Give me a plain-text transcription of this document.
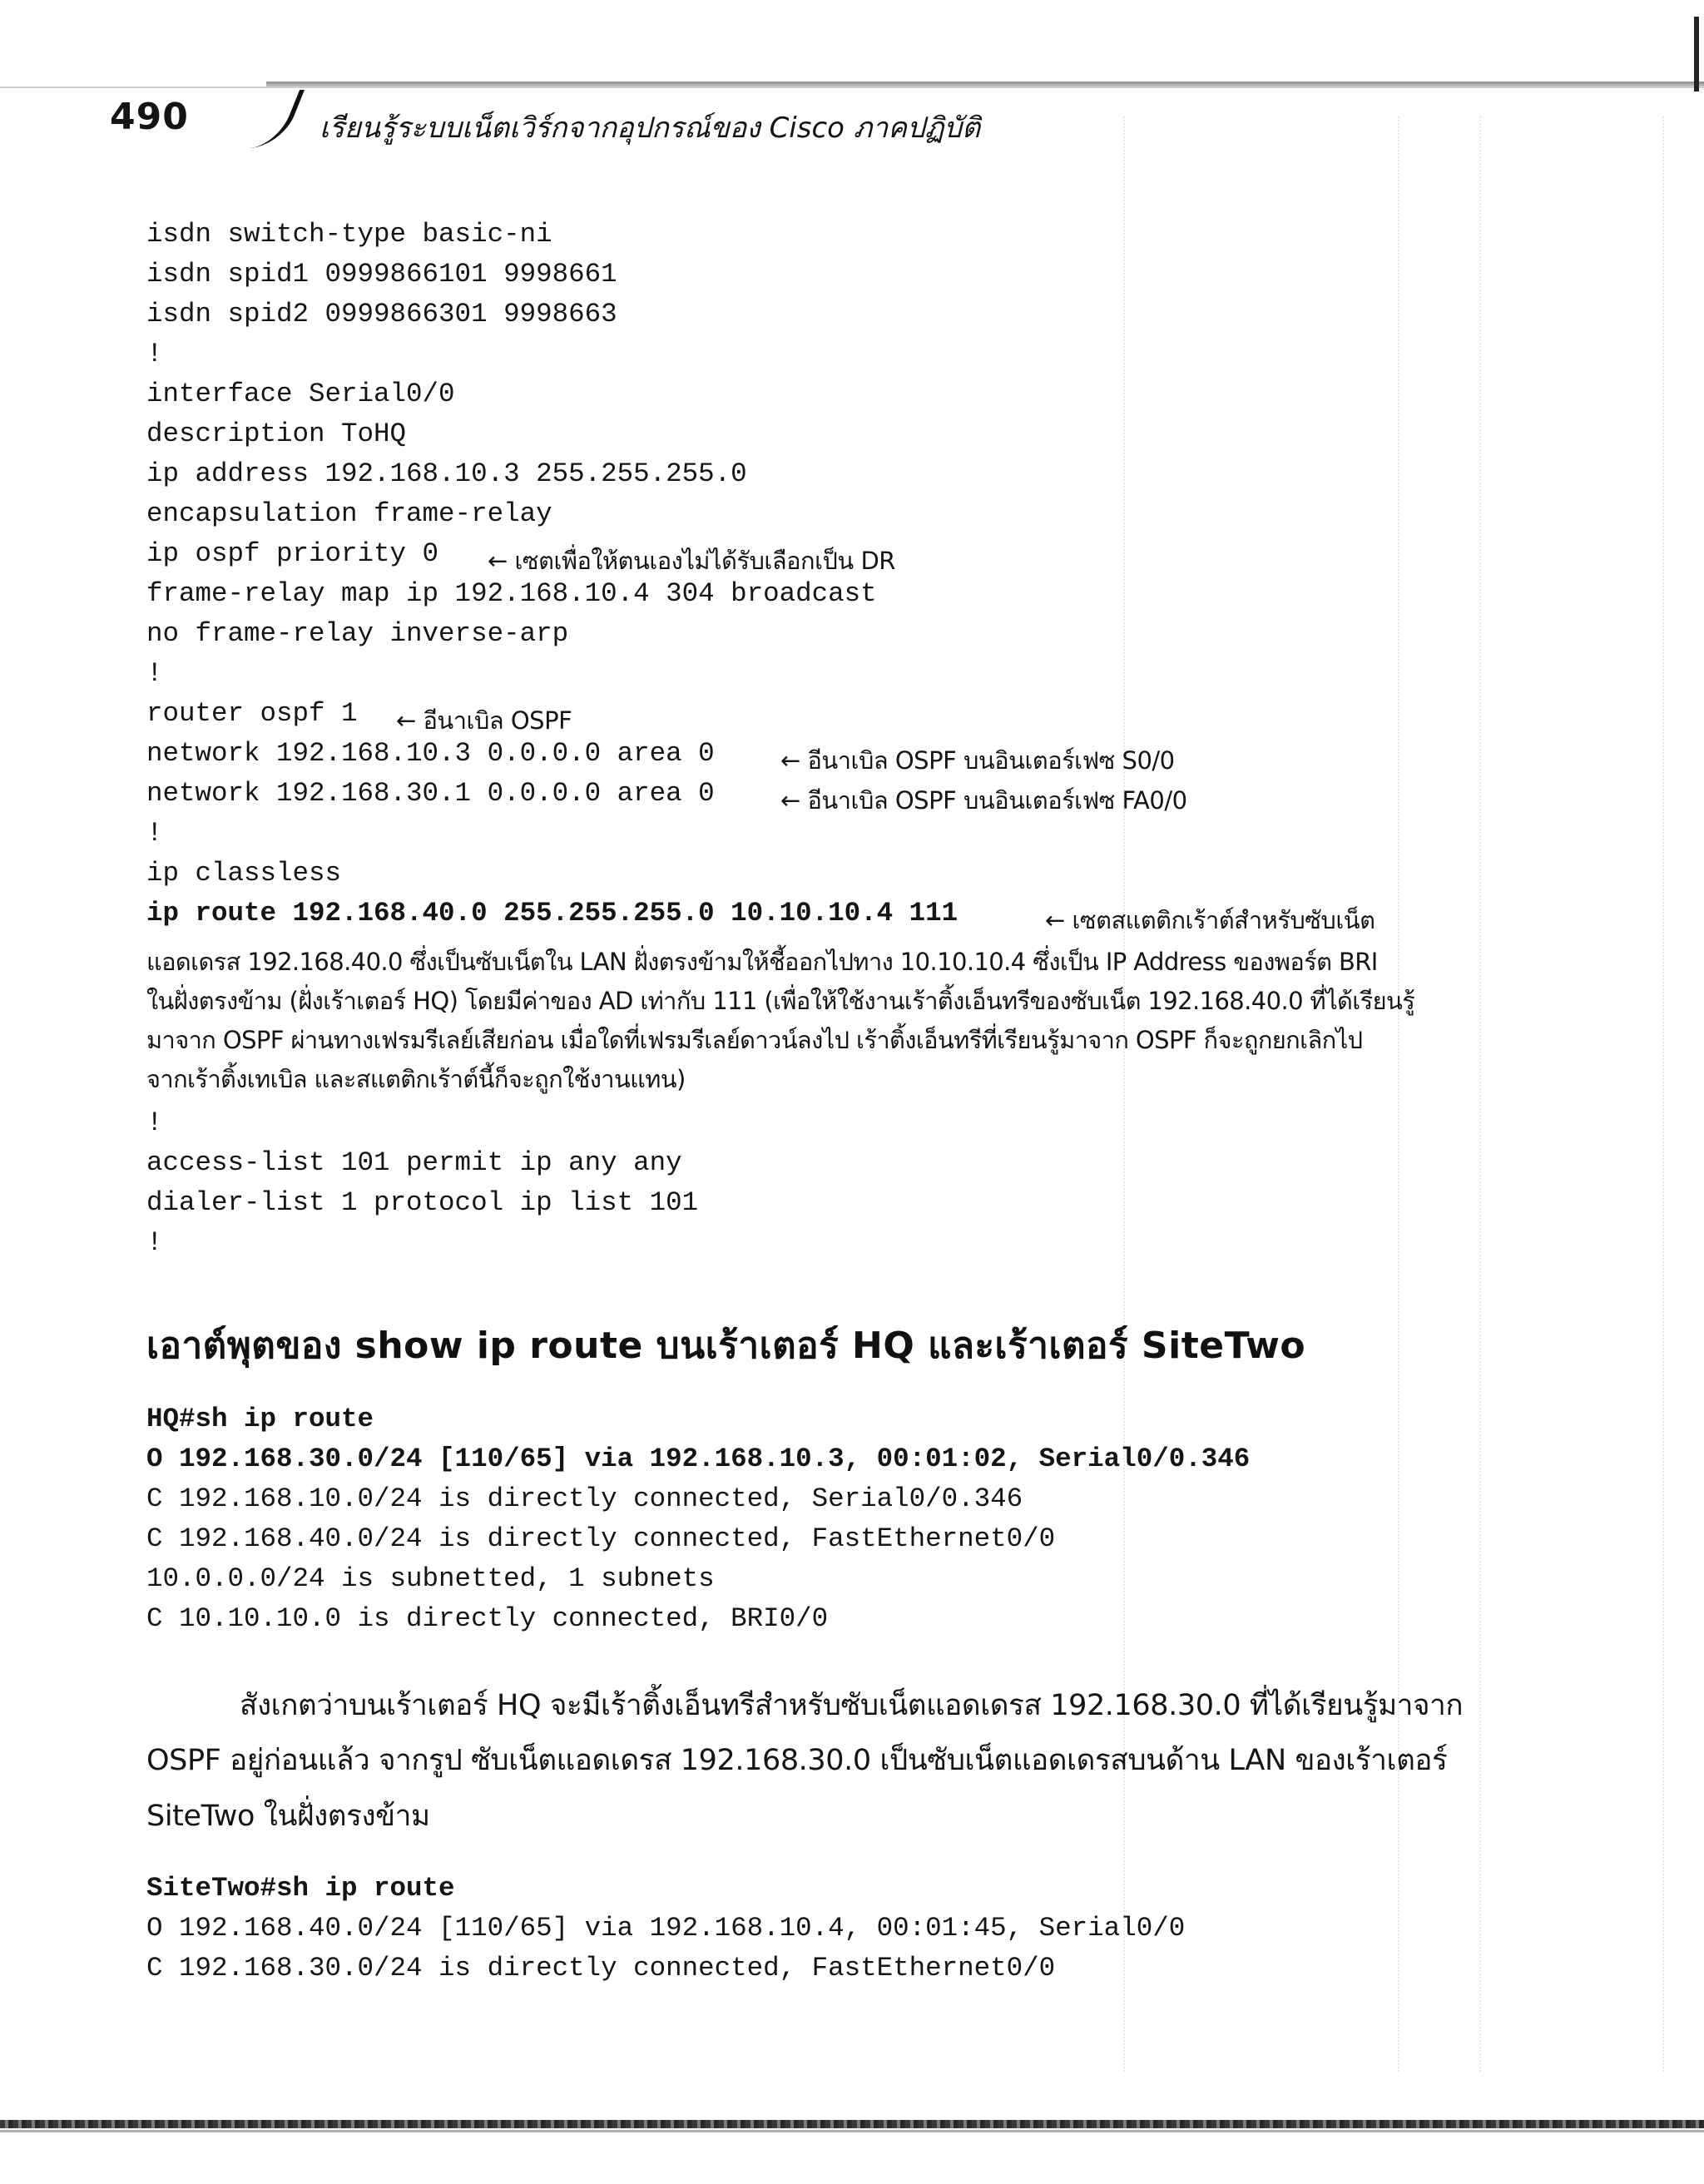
490	เรียนรู้ระบบเน็ตเวิร์กจากอุปกรณ์ของ Cisco ภาคปฏิบัติ
isdn switch-type basic-ni
isdn spid1 0999866101 9998661
isdn spid2 0999866301 9998663
!
interface Serial0/0
description ToHQ
ip address 192.168.10.3 255.255.255.0
encapsulation frame-relay
ip ospf priority 0 ← เซตเพื่อให้ตนเองไม่ได้รับเลือกเป็น DR
frame-relay map ip 192.168.10.4 304 broadcast
no frame-relay inverse-arp
!
router ospf 1 ← อีนาเบิล OSPF
network 192.168.10.3 0.0.0.0 area 0	← อีนาเบิล OSPF บนอินเตอร์เฟซ S0/0
network 192.168.30.1 0.0.0.0 area 0	← อีนาเบิล OSPF บนอินเตอร์เฟซ FA0/0
!
ip classless
ip route 192.168.40.0 255.255.255.0 10.10.10.4 111	← เซตสแตติกเร้าต์สำหรับซับเน็ต
แอดเดรส 192.168.40.0 ซึ่งเป็นซับเน็ตใน LAN ฝั่งตรงข้ามให้ชี้ออกไปทาง 10.10.10.4 ซึ่งเป็น IP Address ของพอร์ต BRI
ในฝั่งตรงข้าม (ฝั่งเร้าเตอร์ HQ) โดยมีค่าของ AD เท่ากับ 111 (เพื่อให้ใช้งานเร้าติ้งเอ็นทรีของซับเน็ต 192.168.40.0 ที่ได้เรียนรู้
มาจาก OSPF ผ่านทางเฟรมรีเลย์เสียก่อน เมื่อใดที่เฟรมรีเลย์ดาวน์ลงไป เร้าติ้งเอ็นทรีที่เรียนรู้มาจาก OSPF ก็จะถูกยกเลิกไป
จากเร้าติ้งเทเบิล และสแตติกเร้าต์นี้ก็จะถูกใช้งานแทน)
!
access-list 101 permit ip any any
dialer-list 1 protocol ip list 101
!
เอาต์พุตของ show ip route บนเร้าเตอร์ HQ และเร้าเตอร์ SiteTwo
HQ#sh ip route
O 192.168.30.0/24 [110/65] via 192.168.10.3, 00:01:02, Serial0/0.346
C 192.168.10.0/24 is directly connected, Serial0/0.346
C 192.168.40.0/24 is directly connected, FastEthernet0/0
10.0.0.0/24 is subnetted, 1 subnets
C 10.10.10.0 is directly connected, BRI0/0
สังเกตว่าบนเร้าเตอร์ HQ จะมีเร้าติ้งเอ็นทรีสำหรับซับเน็ตแอดเดรส 192.168.30.0 ที่ได้เรียนรู้มาจาก
OSPF อยู่ก่อนแล้ว จากรูป ซับเน็ตแอดเดรส 192.168.30.0 เป็นซับเน็ตแอดเดรสบนด้าน LAN ของเร้าเตอร์
SiteTwo ในฝั่งตรงข้าม
SiteTwo#sh ip route
O 192.168.40.0/24 [110/65] via 192.168.10.4, 00:01:45, Serial0/0
C 192.168.30.0/24 is directly connected, FastEthernet0/0
